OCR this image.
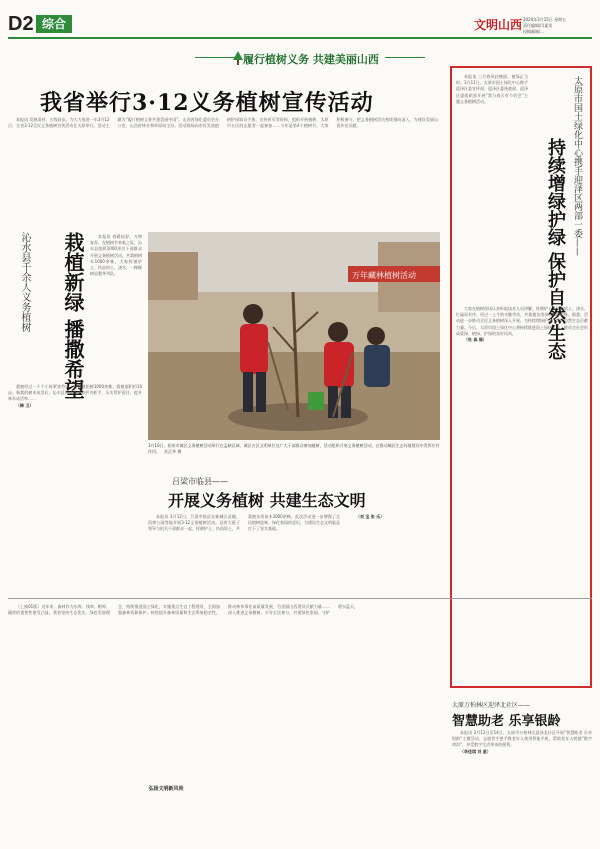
D2 综合	文明山西 2024年3月15日 星期五
责任编辑/闫素英
投稿邮箱/...
履行植树义务 共建美丽山西
我省举行3·12义务植树宣传活动

本报讯 发源清材、五级同步。为大力推进一年3月12日，全省3·12全民义务植树宣传活动在太原举行。活动主题为“履行植树义务共建美丽中国”。山西省绿化委员会办公室、山西省林业和草原局主办。活动现场向市民发放植树护绿知识手册、宣传折页等资料，组织开展植树、太原市五区的志愿者一起参加……今年是第4个植树节，大家积极参与，把义务植树活动持续推向深入，为建设美丽山西作出贡献。

沁水县千余人义务植树	栽植新绿 播撒希望	本报讯 春暖轻舒，万物复苏。在植树节来临之际，沁水县组织1000余名干部群众开展义务植树活动，共栽植树木1000余株。大家挥锹铲土、扶苗培土、浇水，一棵棵树苗整齐列队。

栽植经过一个个小时紧张劳动，共栽植松树1000余株，栽植面积约10亩。新栽的树木成活后，沁水县将以森林养护为抓手，压实管护责任，提升林木成活率……

（韩 卫）

万年藏林植树活动
3月10日，阳泉市城区义务植树活动举行在孟峡区域，城区古区文明单位及广大干部群众参加植树，活动组织开展义务植树活动，在推动城区生态环境建设中发挥应有作用。　苏正华 摄
吕梁市临县——
开展义务植树 共建生态文明

本报讯 3月12日，吕梁市临县在新城区苗圃、西郊公园等地开展3·12义务植树活动。县四大班子领导与机关干部群众一起，挥锹铲土、扶苗培土，共栽植各类苗木3000余株。此次活动进一步增强了全民植树造林、绿化家园的意识，为建设生态文明临县打下了坚实基础。

（刘 宝 张 乐）

太原市国土绿化中心携手迎泽区两部一委——
持续增绿护绿 保护自然生态

本报讯 三月春风轻拂面，植绿正当时。3月11日，太原市国土绿化中心携手迎泽区委宣传部、迎泽区委统战部、迎泽区委组织部开展“我与春天有个约会”主题义务植树活动。

大家在植树现场认真听取技术人员讲解，挥锹铲土、扶苗培土、浇水，忙碌而有序。经过一上午的辛勤劳动，共栽植各类苗木500余株。据悉，活动进一步推动全民义务植树深入开展，为持续增绿护绿、保护自然生态贡献力量。今后，太原市国土绿化中心将持续推进国土绿化工作，推动全社会形成爱绿、植绿、护绿的良好风尚。

（杜 森 福）

（上接01版）近年来，森林作为水库、钱库、粮库、碳库的重要性愈发凸显。我省坚持生态优先、绿色发展理念，持续推进国土绿化，实施重点生态工程建设，全面加强森林资源保护，持续提升森林质量和生态系统稳定性，推动林草事业高质量发展，为美丽山西建设贡献力量……深入推进义务植树，引导全民参与，共建绿色家园，守护碧水蓝天。

弘扬文明新风尚
太原万柏林区迎泽北社区——
智慧助老 乐享银龄

本报讯 3月12日至14日，太原市万柏林区迎泽北社区开展“智慧助老 乐享银龄”主题活动，志愿者手把手教老年人使用智能手机，帮助老年人跨越“数字鸿沟”，享受数字生活带来的便利。

（李佳琪 刘 星）
